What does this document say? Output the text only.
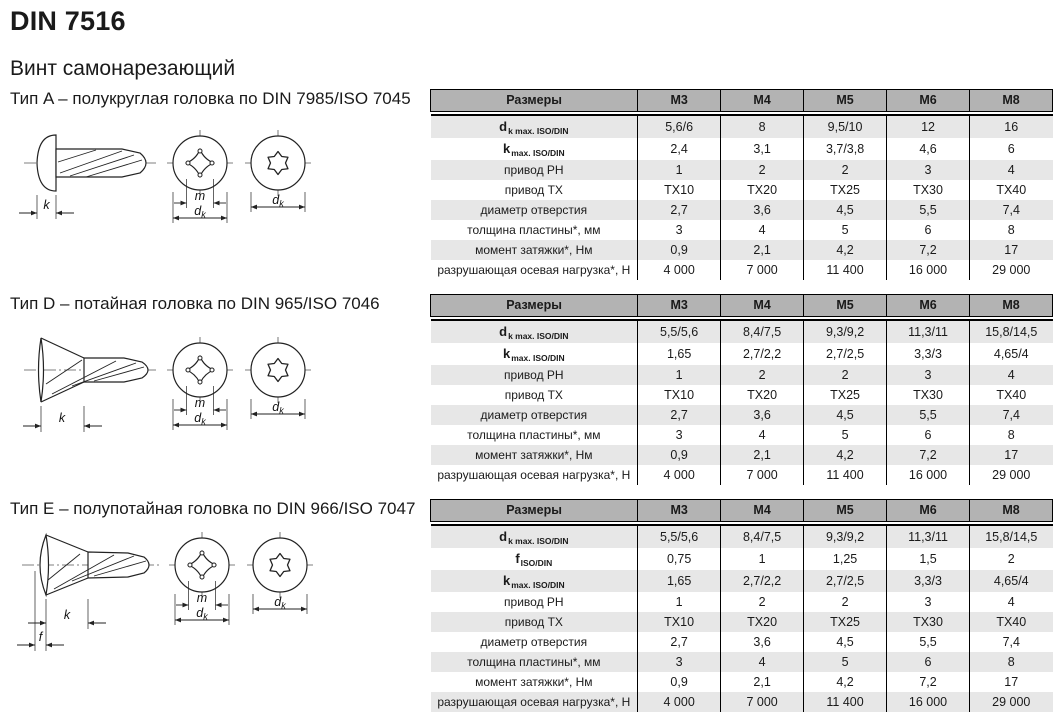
DIN 7516
Винт самонарезающий
Тип A – полукруглая головка по DIN 7985/ISO 7045
k
m
$d_k$
$d_k$
Размеры	M3	M4	M5	M6	M8

$d_{k max. ISO/DIN}$	5,6/6	8	9,5/10	12	16
$k_{max. ISO/DIN}$	2,4	3,1	3,7/3,8	4,6	6
привод PH	1	2	2	3	4
привод TX	TX10	TX20	TX25	TX30	TX40
диаметр отверстия	2,7	3,6	4,5	5,5	7,4
толщина пластины*, мм	3	4	5	6	8
момент затяжки*, Нм	0,9	2,1	4,2	7,2	17
разрушающая осевая нагрузка*, Н	4 000	7 000	11 400	16 000	29 000
Тип D – потайная головка по DIN 965/ISO 7046
k
m
$d_k$
$d_k$
Размеры	M3	M4	M5	M6	M8

$d_{k max. ISO/DIN}$	5,5/5,6	8,4/7,5	9,3/9,2	11,3/11	15,8/14,5
$k_{max. ISO/DIN}$	1,65	2,7/2,2	2,7/2,5	3,3/3	4,65/4
привод PH	1	2	2	3	4
привод TX	TX10	TX20	TX25	TX30	TX40
диаметр отверстия	2,7	3,6	4,5	5,5	7,4
толщина пластины*, мм	3	4	5	6	8
момент затяжки*, Нм	0,9	2,1	4,2	7,2	17
разрушающая осевая нагрузка*, Н	4 000	7 000	11 400	16 000	29 000
Тип E – полупотайная головка по DIN 966/ISO 7047
k
f
m
$d_k$
$d_k$
Размеры	M3	M4	M5	M6	M8

$d_{k max. ISO/DIN}$	5,5/5,6	8,4/7,5	9,3/9,2	11,3/11	15,8/14,5
$f_{ISO/DIN}$	0,75	1	1,25	1,5	2
$k_{max. ISO/DIN}$	1,65	2,7/2,2	2,7/2,5	3,3/3	4,65/4
привод PH	1	2	2	3	4
привод TX	TX10	TX20	TX25	TX30	TX40
диаметр отверстия	2,7	3,6	4,5	5,5	7,4
толщина пластины*, мм	3	4	5	6	8
момент затяжки*, Нм	0,9	2,1	4,2	7,2	17
разрушающая осевая нагрузка*, Н	4 000	7 000	11 400	16 000	29 000
